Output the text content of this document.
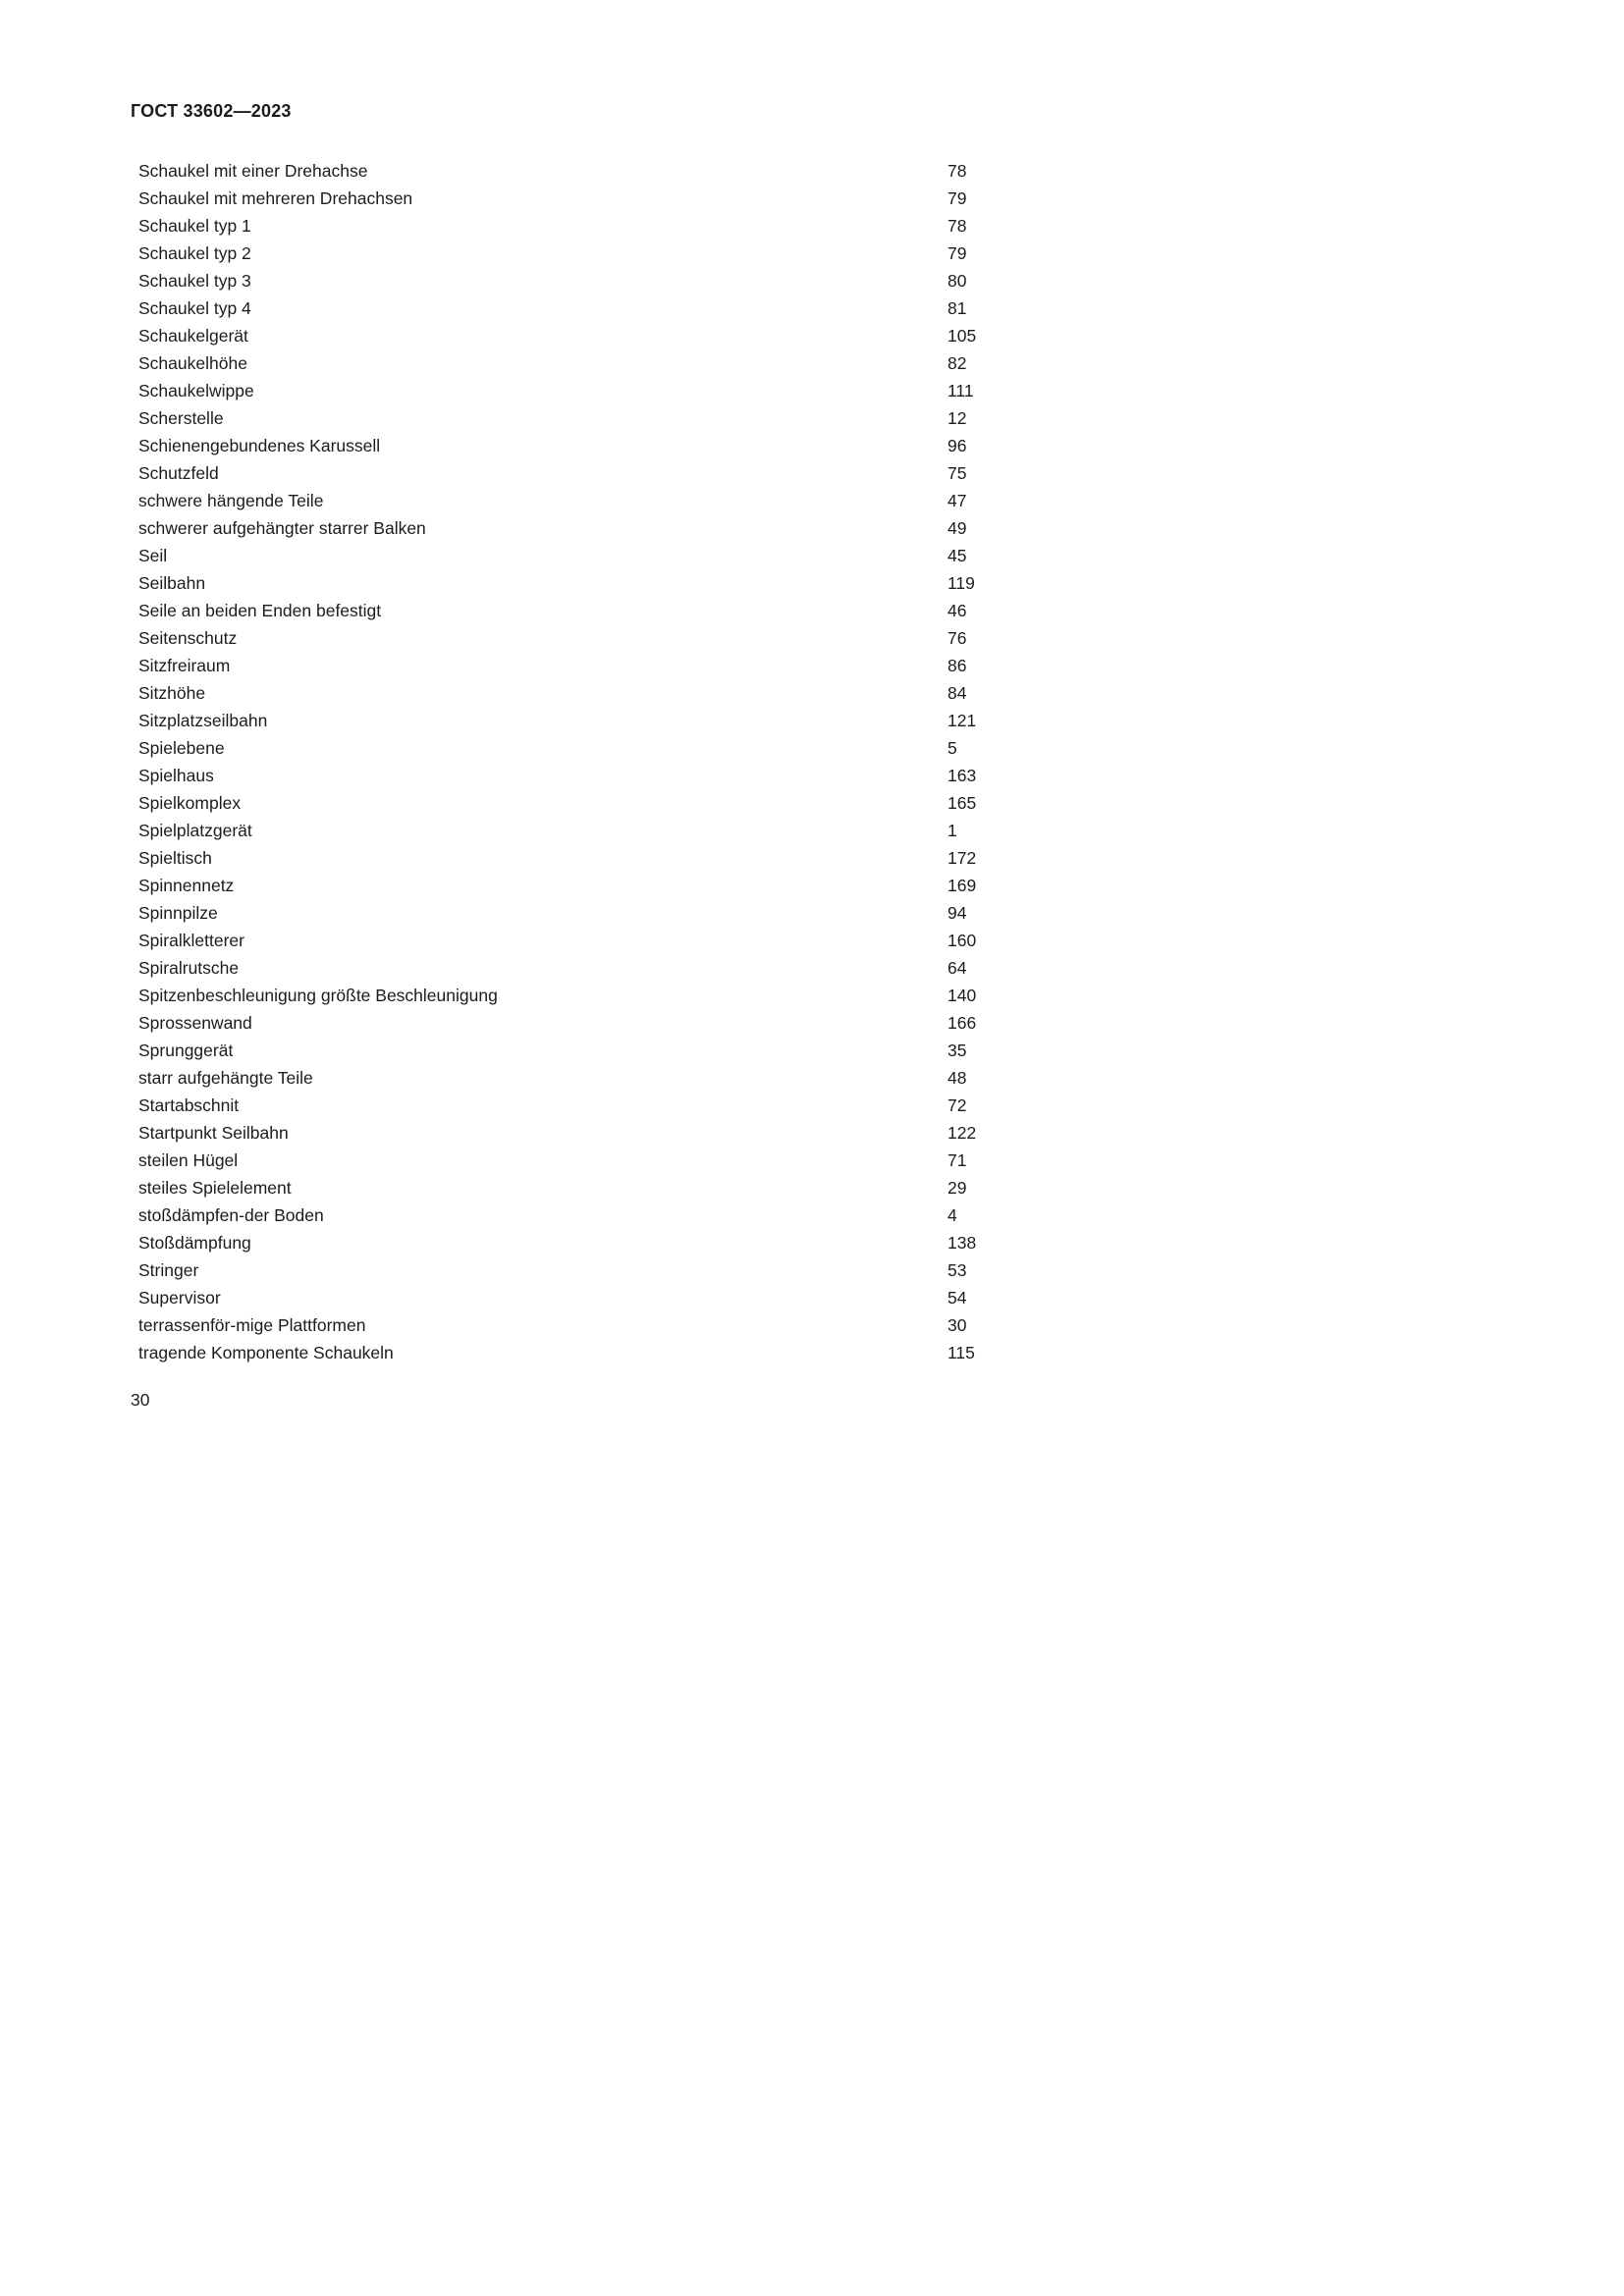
ГОСТ 33602—2023
Schaukel mit einer Drehachse	78
Schaukel mit mehreren Drehachsen	79
Schaukel typ 1	78
Schaukel typ 2	79
Schaukel typ 3	80
Schaukel typ 4	81
Schaukelgerät	105
Schaukelhöhe	82
Schaukelwippe	111
Scherstelle	12
Schienengebundenes Karussell	96
Schutzfeld	75
schwere hängende Teile	47
schwerer aufgehängter starrer Balken	49
Seil	45
Seilbahn	119
Seile an beiden Enden befestigt	46
Seitenschutz	76
Sitzfreiraum	86
Sitzhöhe	84
Sitzplatzseilbahn	121
Spielebene	5
Spielhaus	163
Spielkomplex	165
Spielplatzgerät	1
Spieltisch	172
Spinnennetz	169
Spinnpilze	94
Spiralkletterer	160
Spiralrutsche	64
Spitzenbeschleunigung größte Beschleunigung	140
Sprossenwand	166
Sprunggerät	35
starr aufgehängte Teile	48
Startabschnit	72
Startpunkt Seilbahn	122
steilen Hügel	71
steiles Spielelement	29
stoßdämpfen-der Boden	4
Stoßdämpfung	138
Stringer	53
Supervisor	54
terrassenför-mige Plattformen	30
tragende Komponente Schaukeln	115
30
